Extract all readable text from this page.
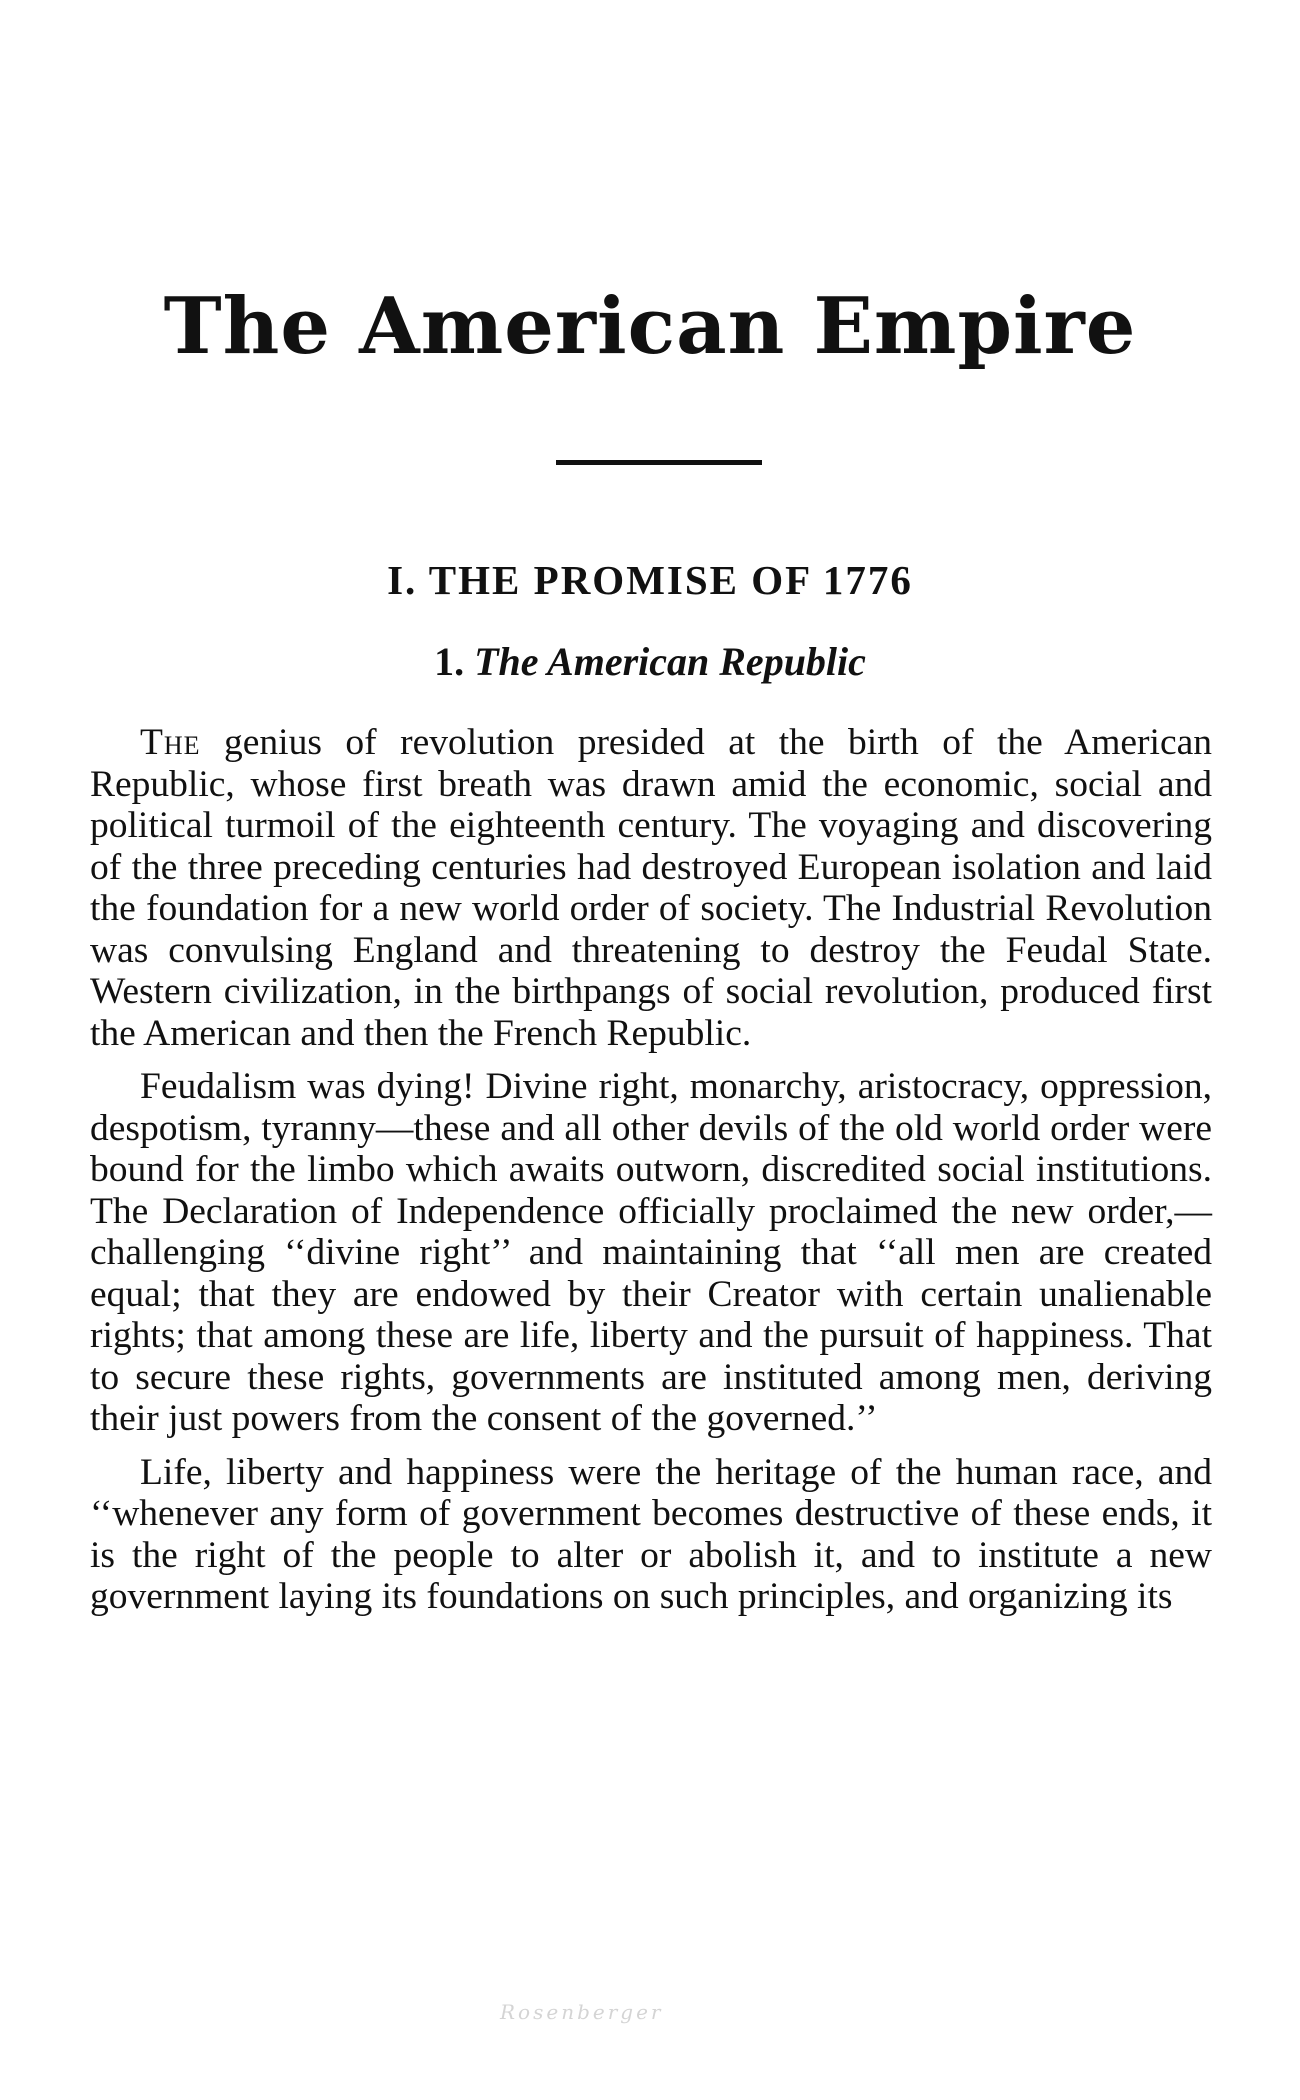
The American Empire
I. THE PROMISE OF 1776
1. The American Republic

The genius of revolution presided at the birth of the American Republic, whose first breath was drawn amid the economic, social and political turmoil of the eighteenth century. The voyaging and discovering of the three preceding centuries had destroyed European isolation and laid the foundation for a new world order of society. The Industrial Revolution was convulsing England and threatening to destroy the Feudal State. Western civilization, in the birthpangs of social revolution, produced first the American and then the French Republic.

Feudalism was dying! Divine right, monarchy, aristocracy, oppression, despotism, tyranny—these and all other devils of the old world order were bound for the limbo which awaits outworn, discredited social institutions. The Declaration of Independence officially proclaimed the new order,—challenging ‘‘divine right’’ and maintaining that ‘‘all men are created equal; that they are endowed by their Creator with certain unalienable rights; that among these are life, liberty and the pursuit of happiness. That to secure these rights, governments are instituted among men, deriving their just powers from the consent of the governed.’’

Life, liberty and happiness were the heritage of the human race, and ‘‘whenever any form of government becomes destructive of these ends, it is the right of the people to alter or abolish it, and to institute a new government laying its foundations on such principles, and organizing its

Rosenberger
